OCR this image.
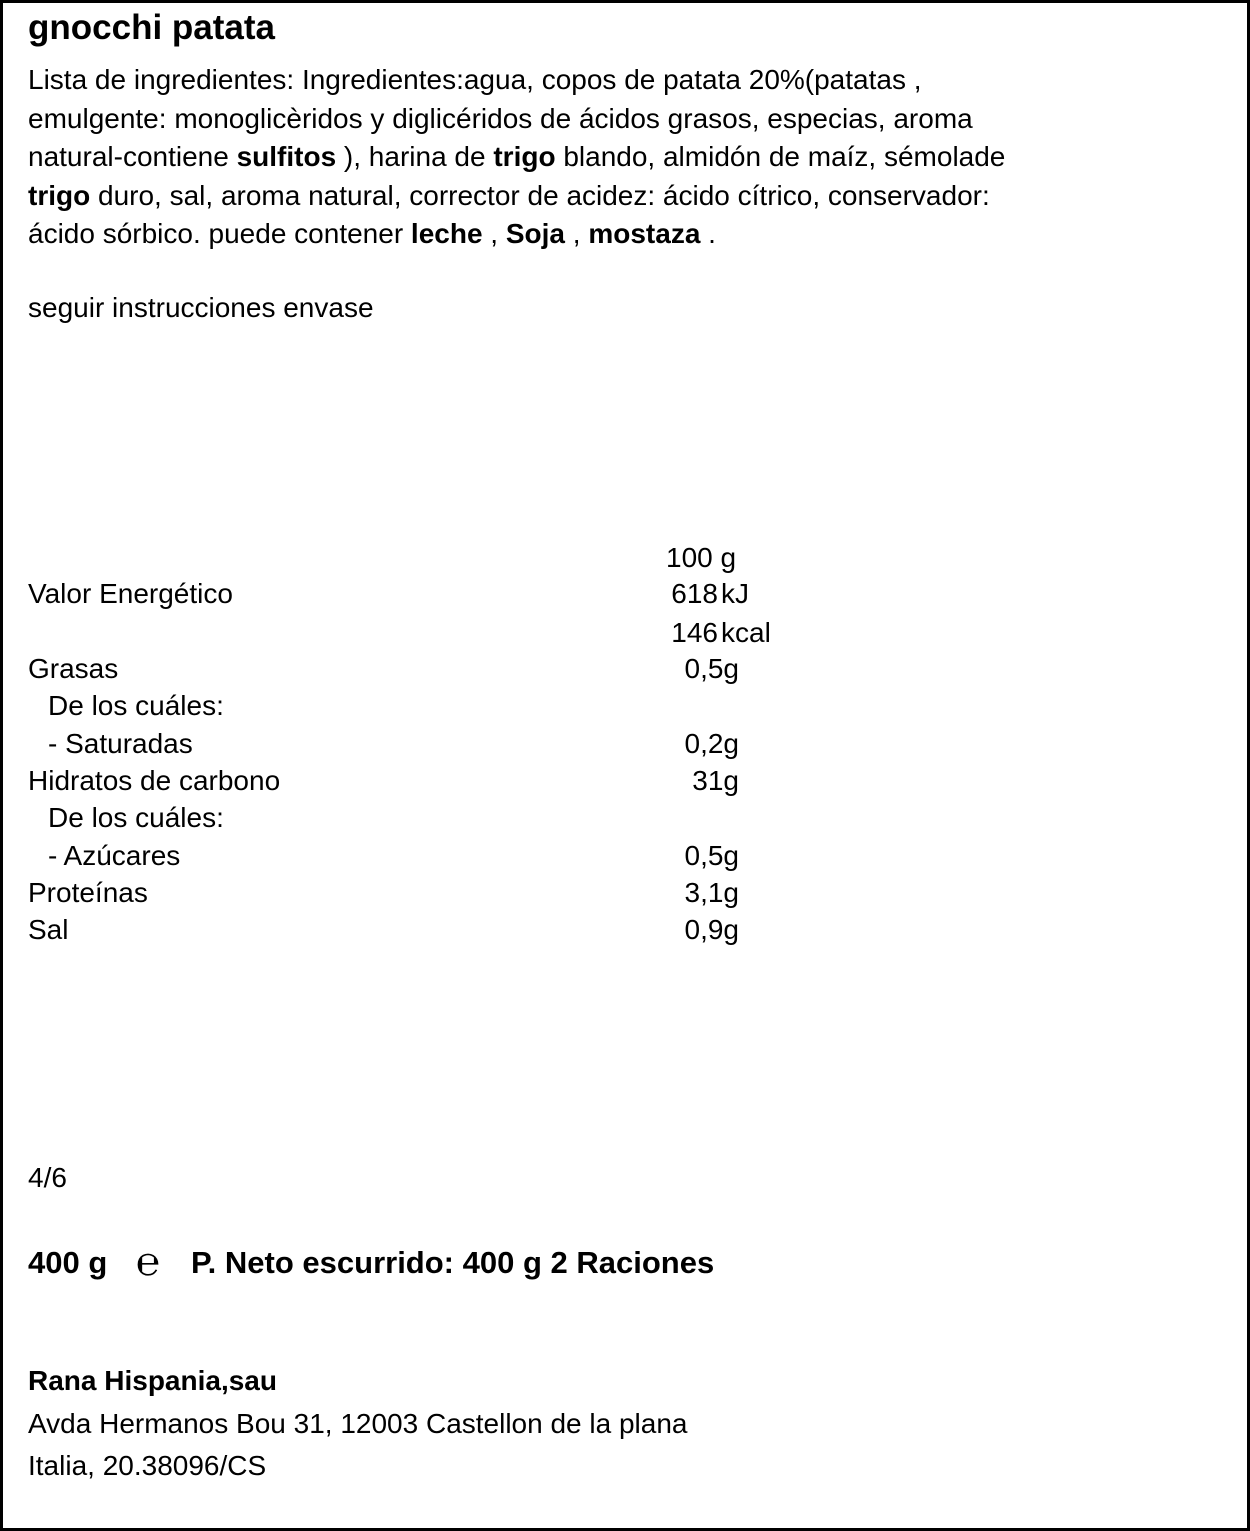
gnocchi patata
Lista de ingredientes: Ingredientes:agua, copos de patata 20%(patatas ,
emulgente: monoglicèridos y diglicéridos de ácidos grasos, especias, aroma
natural-contiene sulfitos ), harina de trigo blando, almidón de maíz, sémolade
trigo duro, sal, aroma natural, corrector de acidez: ácido cítrico, conservador:
ácido sórbico. puede contener leche , Soja , mostaza .
seguir instrucciones envase
100 g
Valor Energético	618 kJ
146 kcal
Grasas	0,5g
De los cuáles:
- Saturadas	0,2g
Hidratos de carbono	31g
De los cuáles:
- Azúcares	0,5g
Proteínas	3,1g
Sal	0,9g
4/6
400 g ℮ P. Neto escurrido: 400 g 2 Raciones
Rana Hispania,sau
Avda Hermanos Bou 31, 12003 Castellon de la plana
Italia, 20.38096/CS
